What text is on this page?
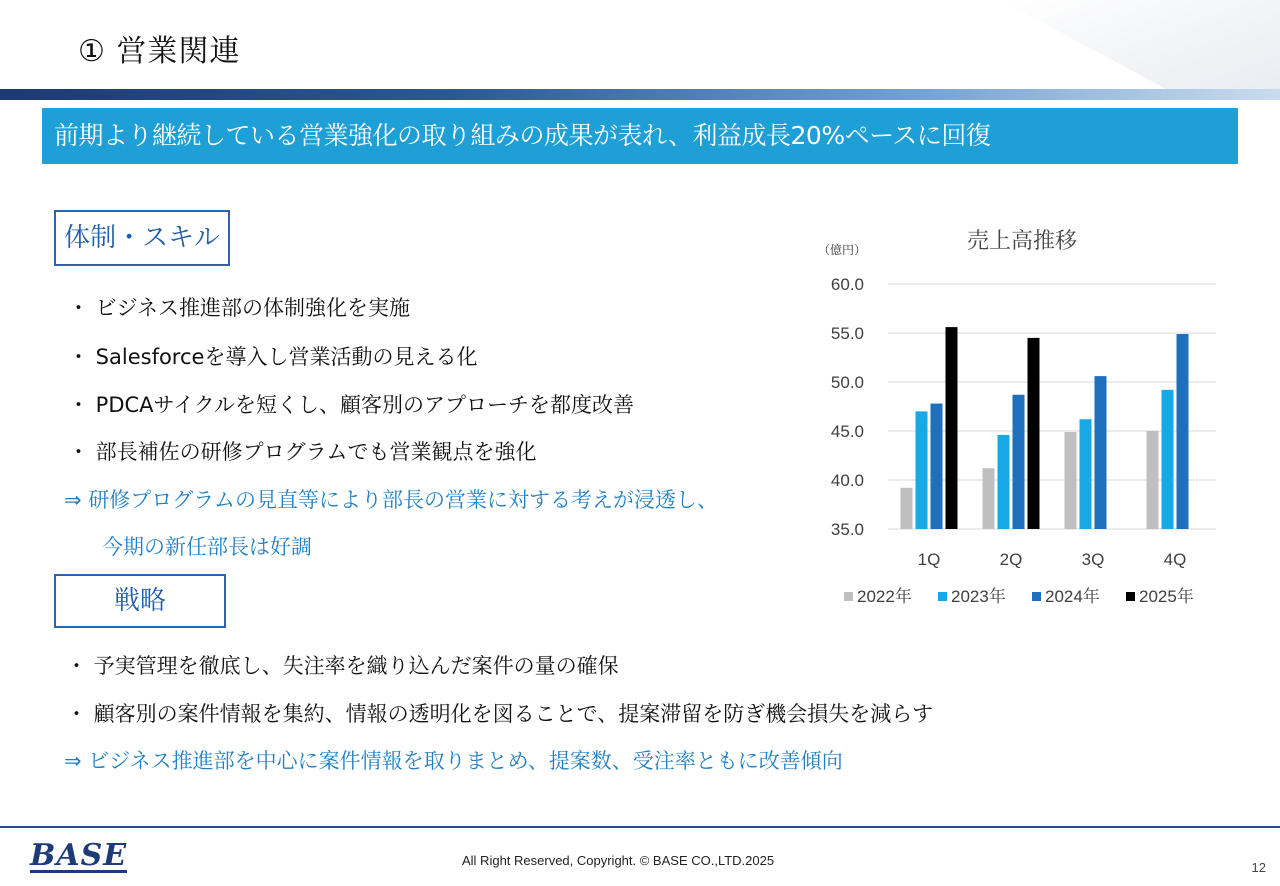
① 営業関連
前期より継続している営業強化の取り組みの成果が表れ、利益成長20%ペースに回復
体制・スキル
・ ビジネス推進部の体制強化を実施
・ Salesforceを導入し営業活動の見える化
・ PDCAサイクルを短くし、顧客別のアプローチを都度改善
・ 部長補佐の研修プログラムでも営業観点を強化
⇒ 研修プログラムの見直等により部長の営業に対する考えが浸透し、
今期の新任部長は好調
戦略
・ 予実管理を徹底し、失注率を織り込んだ案件の量の確保
・ 顧客別の案件情報を集約、情報の透明化を図ることで、提案滞留を防ぎ機会損失を減らす
⇒ ビジネス推進部を中心に案件情報を取りまとめ、提案数、受注率ともに改善傾向
売上高推移
（億円）
35.0
40.0
45.0
50.0
55.0
60.0
1Q	2Q	3Q	4Q
2022年 2023年 2024年 2025年
BASE	All Right Reserved, Copyright. © BASE CO.,LTD.2025	12
